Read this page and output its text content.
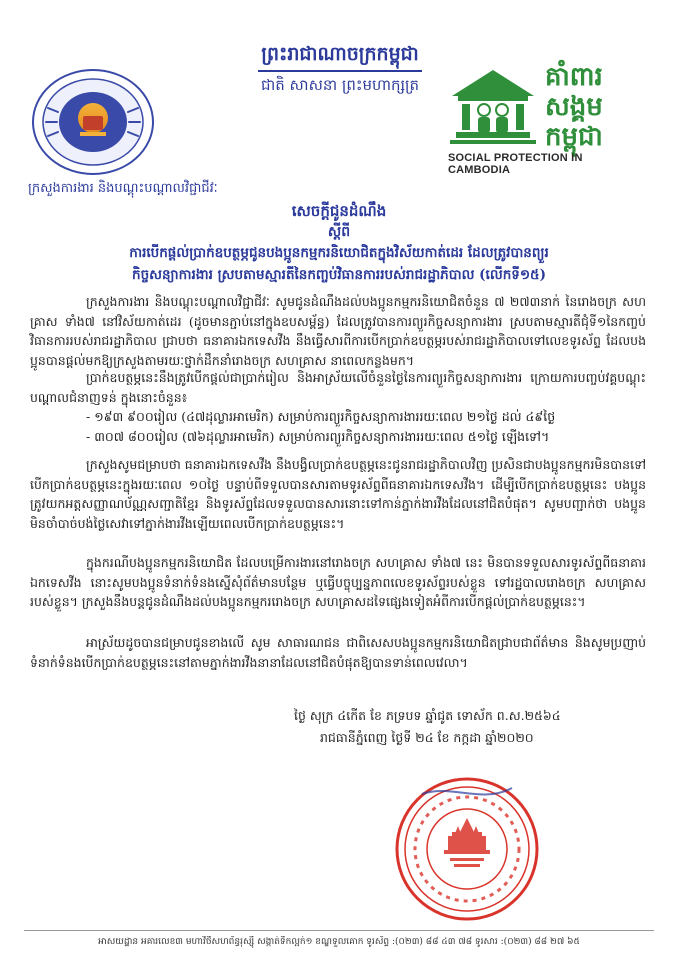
ព្រះរាជាណាចក្រកម្ពុជា
ជាតិ សាសនា ព្រះមហាក្សត្រ	គាំពារ
សង្គម
កម្ពុជា
SOCIAL PROTECTION IN CAMBODIA
ក្រសួងការងារ និងបណ្តុះបណ្តាលវិជ្ជាជីវៈ
សេចក្តីជូនដំណឹង
ស្តីពី
ការបើកផ្តល់ប្រាក់ឧបត្ថម្ភជូនបងប្អូនកម្មករនិយោជិតក្នុងវិស័យកាត់ដេរ ដែលត្រូវបានព្យួរ
កិច្ចសន្យាការងារ ស្របតាមស្មារតីនៃកញ្ចប់វិធានការរបស់រាជរដ្ឋាភិបាល (លើកទី១៥)
ក្រសួងការងារ និងបណ្តុះបណ្តាលវិជ្ជាជីវៈ សូមជូនដំណឹងដល់បងប្អូនកម្មករនិយោជិតចំនួន ៧ ២៧៣នាក់ នៃរោងចក្រ សហគ្រាស ទាំង៧ នៅវិស័យកាត់ដេរ (ដូចមានភ្ជាប់នៅក្នុងឧបសម្ព័ន្ធ) ដែលត្រូវបានការព្យួរកិច្ចសន្យាការងារ ស្របតាមស្មារតីជុំទី១នៃកញ្ចប់វិធានការរបស់រាជរដ្ឋាភិបាល ជ្រាបថា ធនាគារឯកទេសវីង នឹងធ្វើសារពីការបើកប្រាក់ឧបត្ថម្ភរបស់រាជរដ្ឋាភិបាលទៅលេខទូរស័ព្ទ ដែលបងប្អូនបានផ្តល់មកឱ្យក្រសួងតាមរយៈថ្នាក់ដឹកនាំរោងចក្រ សហគ្រាស នាពេលកន្លងមក។
ប្រាក់ឧបត្ថម្ភនេះនឹងត្រូវបើកផ្តល់ជាប្រាក់រៀល និងអាស្រ័យលើចំនួនថ្ងៃនៃការព្យួរកិច្ចសន្យាការងារ ក្រោយការបញ្ចប់វគ្គបណ្តុះបណ្តាលជំនាញទន់ ក្នុងនោះចំនួន៖
- ១៩៣ ៩០០រៀល (៤៧ដុល្លារអាមេរិក) សម្រាប់ការព្យួរកិច្ចសន្យាការងាររយៈពេល ២១ថ្ងៃ ដល់ ៤៩ថ្ងៃ
- ៣០៧ ៨០០រៀល (៧៦ដុល្លារអាមេរិក) សម្រាប់ការព្យួរកិច្ចសន្យាការងាររយៈពេល ៥១ថ្ងៃ ឡើងទៅ។
ក្រសួងសូមជម្រាបថា ធនាគារឯកទេសវីង នឹងបង្វិលប្រាក់ឧបត្ថម្ភនេះជូនរាជរដ្ឋាភិបាលវិញ ប្រសិនជាបងប្អូនកម្មករមិនបានទៅបើកប្រាក់ឧបត្ថម្ភនេះក្នុងរយៈពេល ១០ថ្ងៃ បន្ទាប់ពីទទួលបានសារតាមទូរស័ព្ទពីធនាគារឯកទេសវីង។ ដើម្បីបើកប្រាក់ឧបត្ថម្ភនេះ បងប្អូនត្រូវយកអត្តសញ្ញាណប័ណ្ណសញ្ជាតិខ្មែរ និងទូរស័ព្ទដែលទទួលបានសារនោះទៅកាន់ភ្នាក់ងារវីងដែលនៅជិតបំផុត។ សូមបញ្ជាក់ថា បងប្អូនមិនចាំបាច់បង់ថ្លៃសេវាទៅភ្នាក់ងារវីងឡើយពេលបើកប្រាក់ឧបត្ថម្ភនេះ។
ក្នុងករណីបងប្អូនកម្មករនិយោជិត ដែលបម្រើការងារនៅរោងចក្រ សហគ្រាស ទាំង៧ នេះ មិនបានទទួលសារទូរស័ព្ទពីធនាគារឯកទេសវីង នោះសូមបងប្អូនទំនាក់ទំនងស្នើសុំព័ត៌មានបន្ថែម ឬធ្វើបច្ចុប្បន្នភាពលេខទូរស័ព្ទរបស់ខ្លួន ទៅរដ្ឋបាលរោងចក្រ សហគ្រាសរបស់ខ្លួន។ ក្រសួងនឹងបន្តជូនដំណឹងដល់បងប្អូនកម្មកររោងចក្រ សហគ្រាសដទៃផ្សេងទៀតអំពីការបើកផ្តល់ប្រាក់ឧបត្ថម្ភនេះ។
អាស្រ័យដូចបានជម្រាបជូនខាងលើ សូម សាធារណជន ជាពិសេសបងប្អូនកម្មករនិយោជិតជ្រាបជាព័ត៌មាន និងសូមប្រញាប់ទំនាក់ទំនងបើកប្រាក់ឧបត្ថម្ភនេះនៅតាមភ្នាក់ងារវីងនានាដែលនៅជិតបំផុតឱ្យបានទាន់ពេលវេលា។
ថ្ងៃ សុក្រ ៤កើត ខែ ភទ្របទ ឆ្នាំជូត ទោស័ក ព.ស.២៥៦៤
រាជធានីភ្នំពេញ ថ្ងៃទី ២៤ ខែ កក្កដា ឆ្នាំ២០២០
អាសយដ្ឋាន អគារលេខ៣ មហាវិថីសហព័ន្ធរុស្ស៊ី សង្កាត់ទឹកល្អក់១ ខណ្ឌទួលគោក ទូរស័ព្ទ :(០២៣) ៨៨ ៤៣ ៧៨ ទូរសារ :(០២៣) ៨៨ ២៧ ៦៥
